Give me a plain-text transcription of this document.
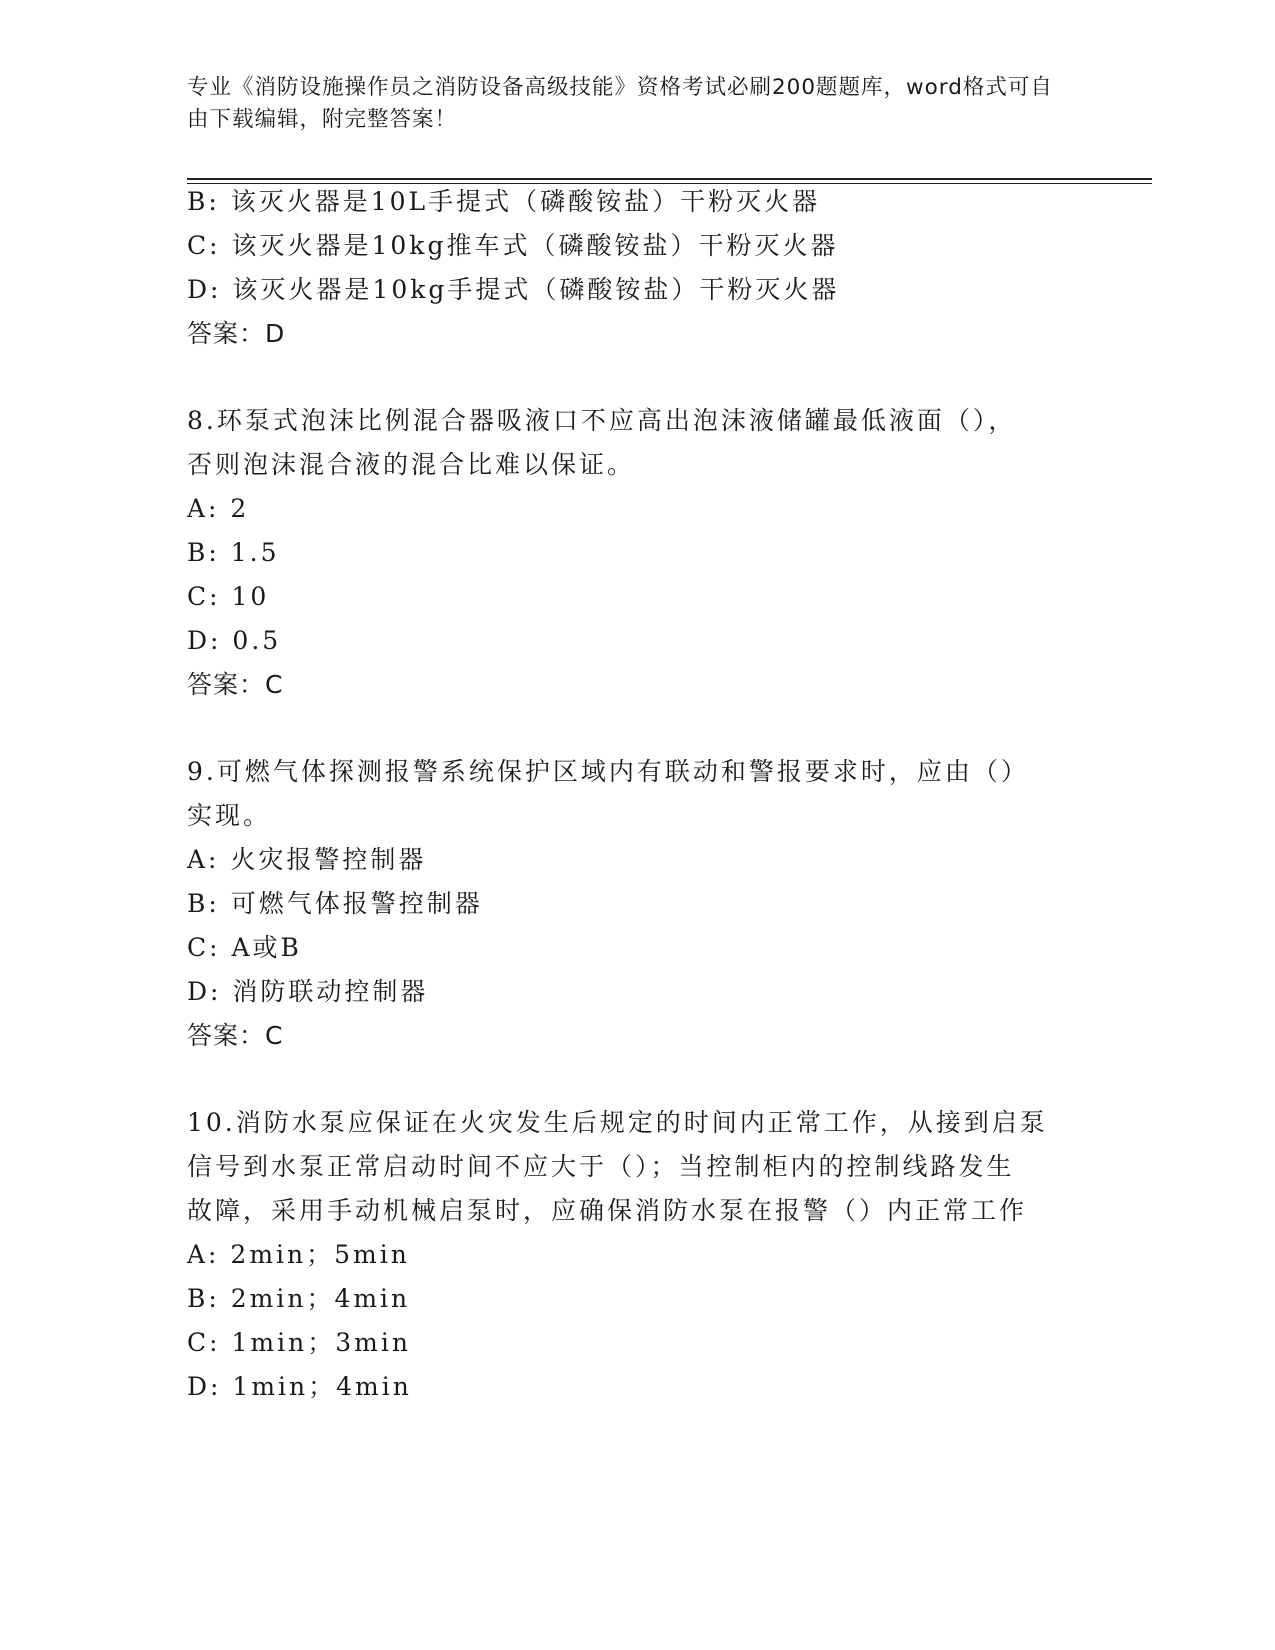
专业《消防设施操作员之消防设备高级技能》资格考试必刷200题题库，word格式可自由下载编辑，附完整答案！
B: 该灭火器是10L手提式（磷酸铵盐）干粉灭火器
C: 该灭火器是10kg推车式（磷酸铵盐）干粉灭火器
D: 该灭火器是10kg手提式（磷酸铵盐）干粉灭火器
答案：D
8.环泵式泡沫比例混合器吸液口不应高出泡沫液储罐最低液面（），
否则泡沫混合液的混合比难以保证。
A: 2
B: 1.5
C: 10
D: 0.5
答案：C
9.可燃气体探测报警系统保护区域内有联动和警报要求时，应由（）
实现。
A: 火灾报警控制器
B: 可燃气体报警控制器
C: A或B
D: 消防联动控制器
答案：C
10.消防水泵应保证在火灾发生后规定的时间内正常工作，从接到启泵
信号到水泵正常启动时间不应大于（）；当控制柜内的控制线路发生
故障，采用手动机械启泵时，应确保消防水泵在报警（）内正常工作
A: 2min；5min
B: 2min；4min
C: 1min；3min
D: 1min；4min
